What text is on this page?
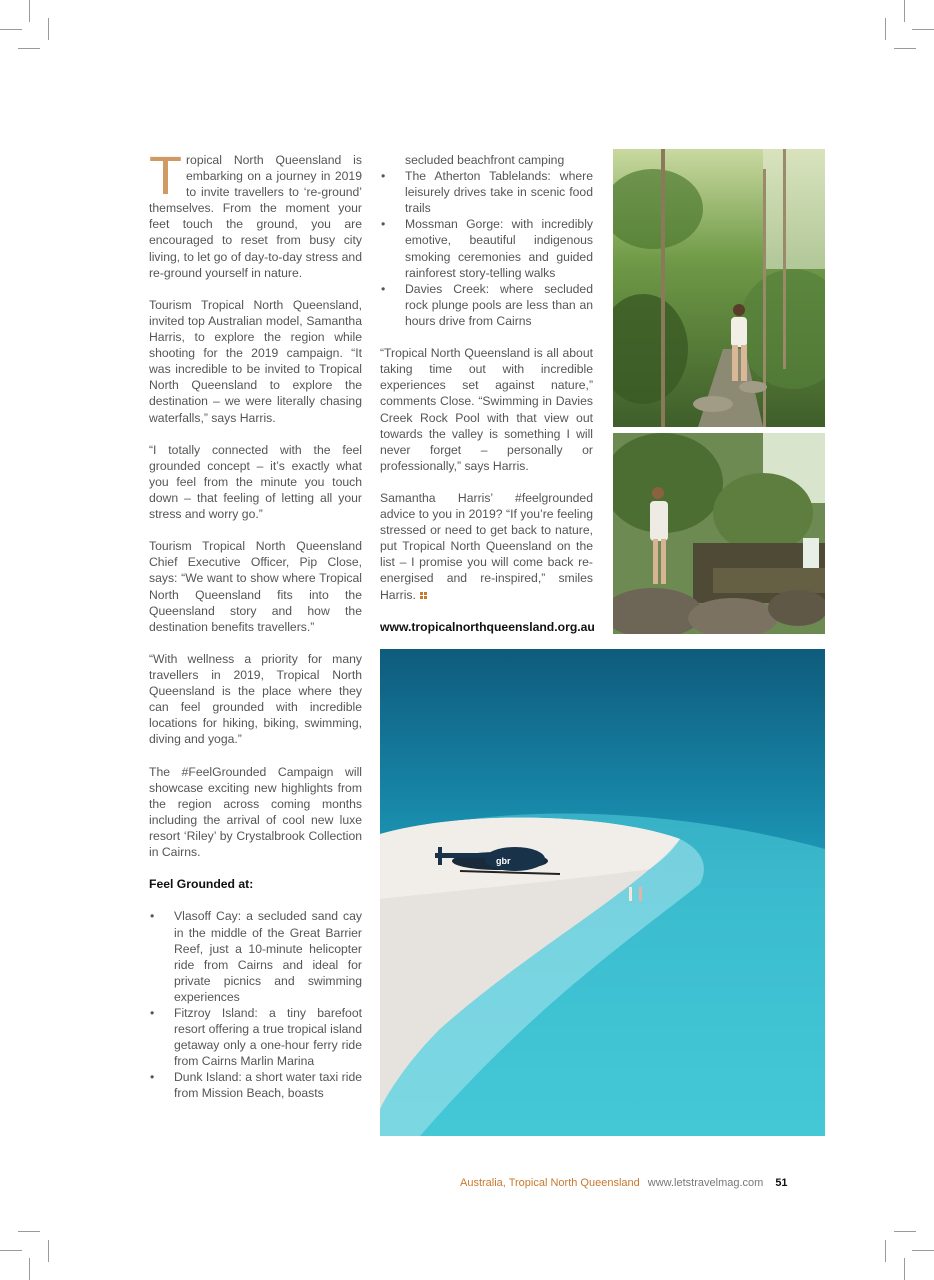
Tropical North Queensland is embarking on a journey in 2019 to invite travellers to ‘re-ground’ themselves. From the moment your feet touch the ground, you are encouraged to reset from busy city living, to let go of day-to-day stress and re-ground yourself in nature.

Tourism Tropical North Queensland, invited top Australian model, Samantha Harris, to explore the region while shooting for the 2019 campaign. “It was incredible to be invited to Tropical North Queensland to explore the destination – we were literally chasing waterfalls,” says Harris.

“I totally connected with the feel grounded concept – it’s exactly what you feel from the minute you touch down – that feeling of letting all your stress and worry go.”

Tourism Tropical North Queensland Chief Executive Officer, Pip Close, says: “We want to show where Tropical North Queensland fits into the Queensland story and how the destination benefits travellers.”

“With wellness a priority for many travellers in 2019, Tropical North Queensland is the place where they can feel grounded with incredible locations for hiking, biking, swimming, diving and yoga.”

The #FeelGrounded Campaign will showcase exciting new highlights from the region across coming months including the arrival of cool new luxe resort ‘Riley’ by Crystalbrook Collection in Cairns.

Feel Grounded at:

• Vlasoff Cay: a secluded sand cay in the middle of the Great Barrier Reef, just a 10-minute helicopter ride from Cairns and ideal for private picnics and swimming experiences
• Fitzroy Island: a tiny barefoot resort offering a true tropical island getaway only a one-hour ferry ride from Cairns Marlin Marina
• Dunk Island: a short water taxi ride from Mission Beach, boasts
secluded beachfront camping
• The Atherton Tablelands: where leisurely drives take in scenic food trails
• Mossman Gorge: with incredibly emotive, beautiful indigenous smoking ceremonies and guided rainforest story-telling walks
• Davies Creek: where secluded rock plunge pools are less than an hours drive from Cairns

“Tropical North Queensland is all about taking time out with incredible experiences set against nature,” comments Close. “Swimming in Davies Creek Rock Pool with that view out towards the valley is something I will never forget – personally or professionally,” says Harris.

Samantha Harris’ #feelgrounded advice to you in 2019? “If you’re feeling stressed or need to get back to nature, put Tropical North Queensland on the list – I promise you will come back re-energised and re-inspired,” smiles Harris.

www.tropicalnorthqueensland.org.au

gbr
Australia, Tropical North Queensland www.letstravelmag.com 51
